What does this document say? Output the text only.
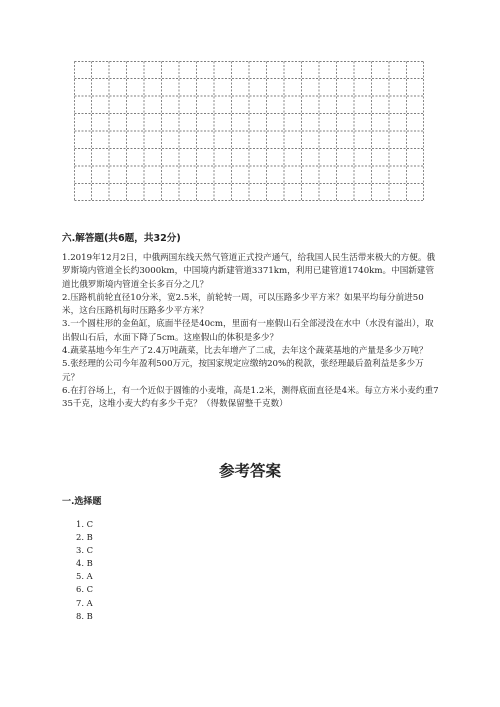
六.解答题(共6题，共32分)
1.2019年12月2日，中俄两国东线天然气管道正式投产通气，给我国人民生活带来极大的方便。俄罗斯境内管道全长约3000km，中国境内新建管道3371km，利用已建管道1740km。中国新建管道比俄罗斯境内管道全长多百分之几？
2.压路机前轮直径10分米，宽2.5米，前轮转一周，可以压路多少平方米？如果平均每分前进50米，这台压路机每时压路多少平方米？
3.一个圆柱形的金鱼缸，底面半径是40cm，里面有一座假山石全部浸没在水中（水没有溢出），取出假山石后，水面下降了5cm。这座假山的体积是多少？
4.蔬菜基地今年生产了2.4万吨蔬菜，比去年增产了二成，去年这个蔬菜基地的产量是多少万吨？
5.张经理的公司今年盈利500万元，按国家规定应缴纳20%的税款，张经理最后盈利益是多少万元？
6.在打谷场上，有一个近似于圆锥的小麦堆，高是1.2米，测得底面直径是4米。每立方米小麦约重735千克，这堆小麦大约有多少千克？（得数保留整千克数）
参考答案
一.选择题
1. C
2. B
3. C
4. B
5. A
6. C
7. A
8. B
